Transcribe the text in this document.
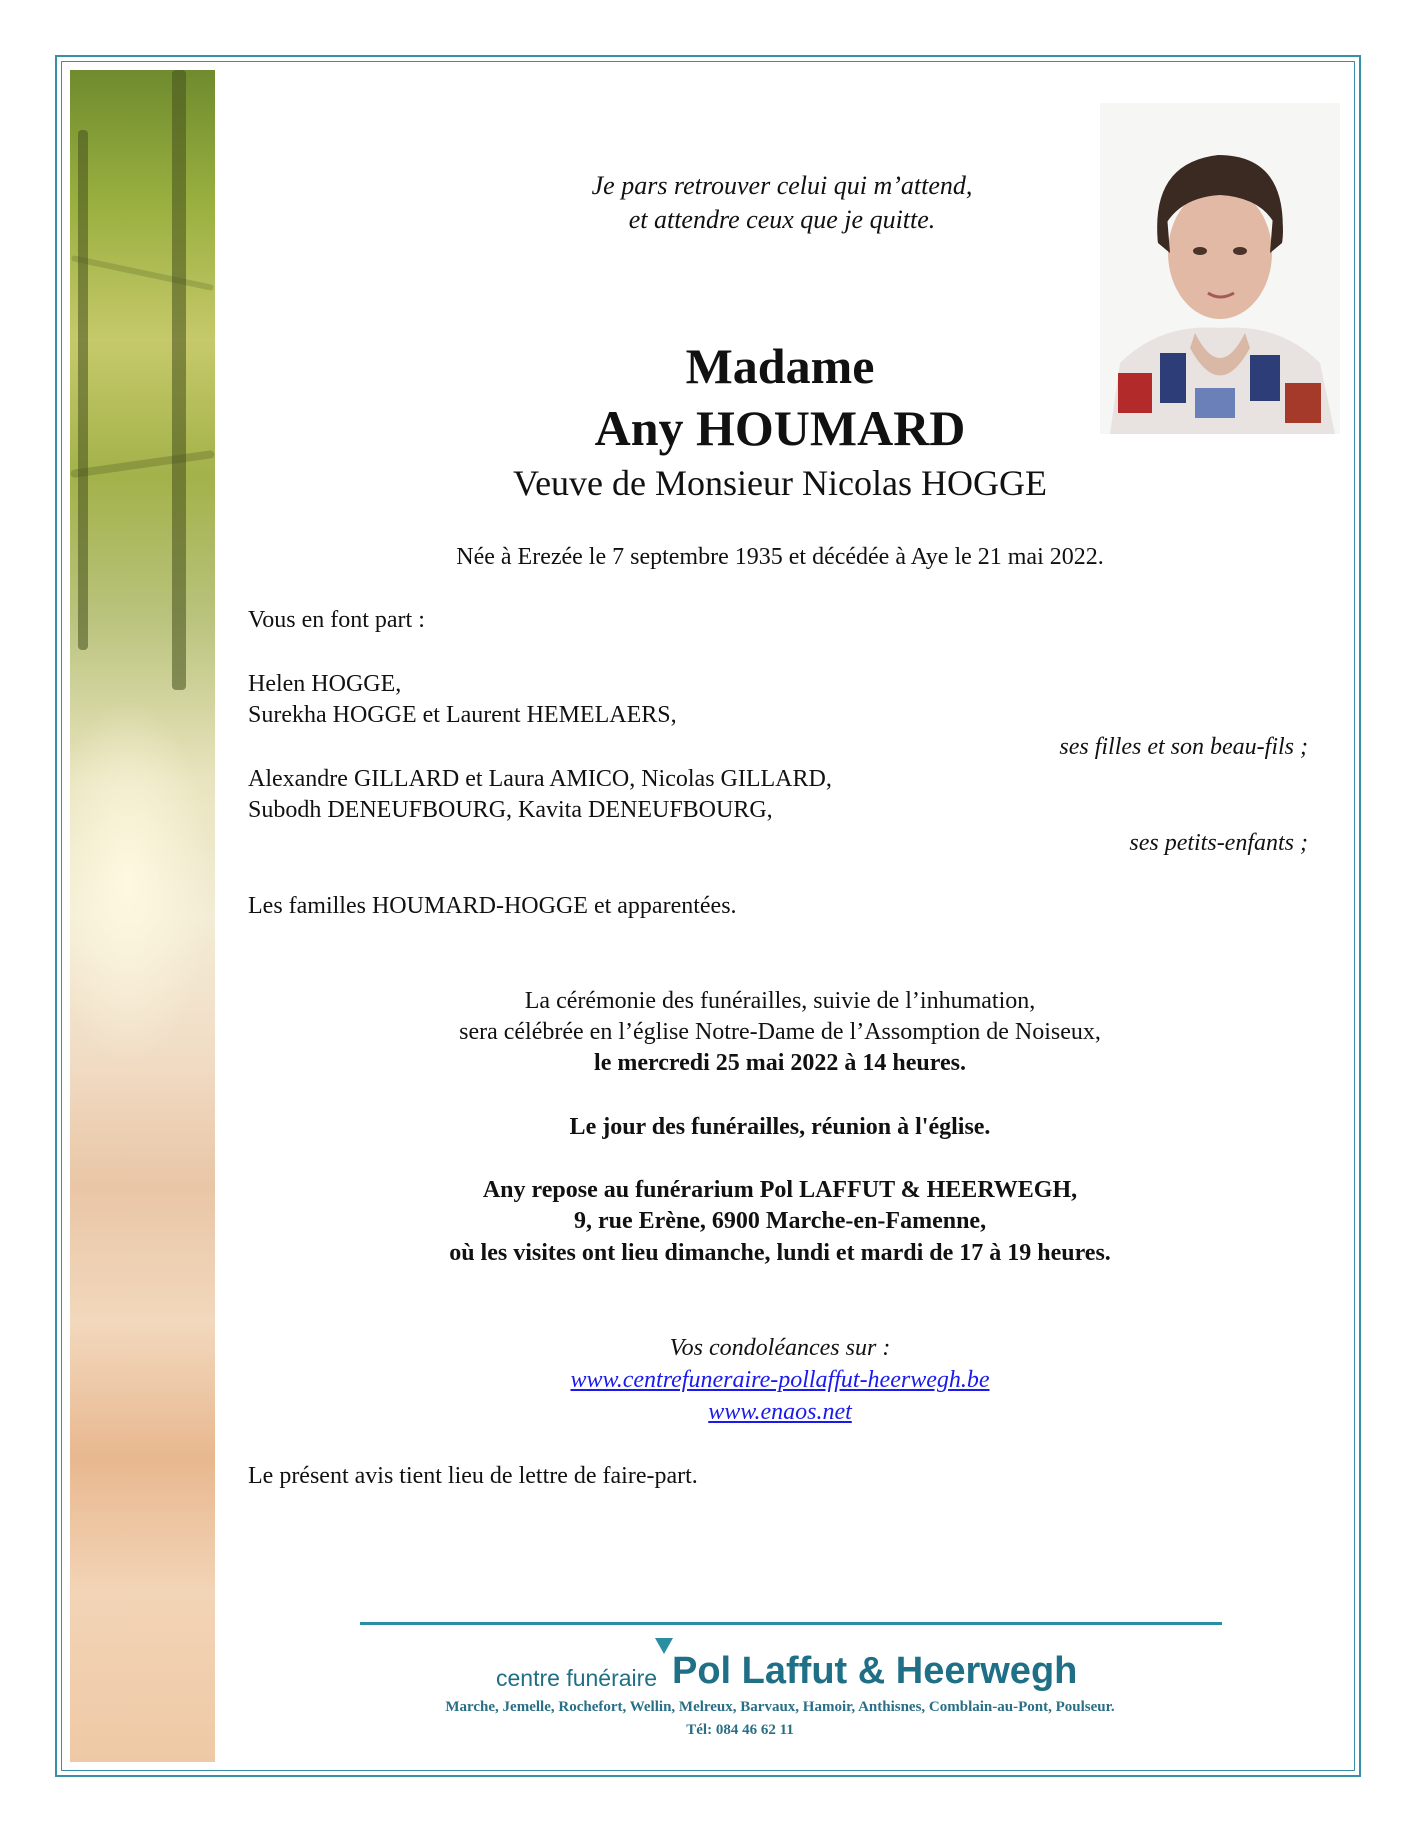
Je pars retrouver celui qui m’attend,
et attendre ceux que je quitte.
Madame
Any HOUMARD
Veuve de Monsieur Nicolas HOGGE
Née à Erezée le 7 septembre 1935 et décédée à Aye le 21 mai 2022.
Vous en font part :
Helen HOGGE,
Surekha HOGGE et Laurent HEMELAERS,
ses filles et son beau-fils ;
Alexandre GILLARD et Laura AMICO, Nicolas GILLARD,
Subodh DENEUFBOURG, Kavita DENEUFBOURG,
ses petits-enfants ;
Les familles HOUMARD-HOGGE et apparentées.
La cérémonie des funérailles, suivie de l’inhumation,
sera célébrée en l’église Notre-Dame de l’Assomption de Noiseux,
le mercredi 25 mai 2022 à 14 heures.
Le jour des funérailles, réunion à l'église.
Any repose au funérarium Pol LAFFUT & HEERWEGH,
9, rue Erène, 6900 Marche-en-Famenne,
où les visites ont lieu dimanche, lundi et mardi de 17 à 19 heures.
Vos condoléances sur :
www.centrefuneraire-pollaffut-heerwegh.be
www.enaos.net
Le présent avis tient lieu de lettre de faire-part.
centre funéraire Pol Laffut & Heerwegh
Marche, Jemelle, Rochefort, Wellin, Melreux, Barvaux, Hamoir, Anthisnes, Comblain-au-Pont, Poulseur.
Tél: 084 46 62 11
